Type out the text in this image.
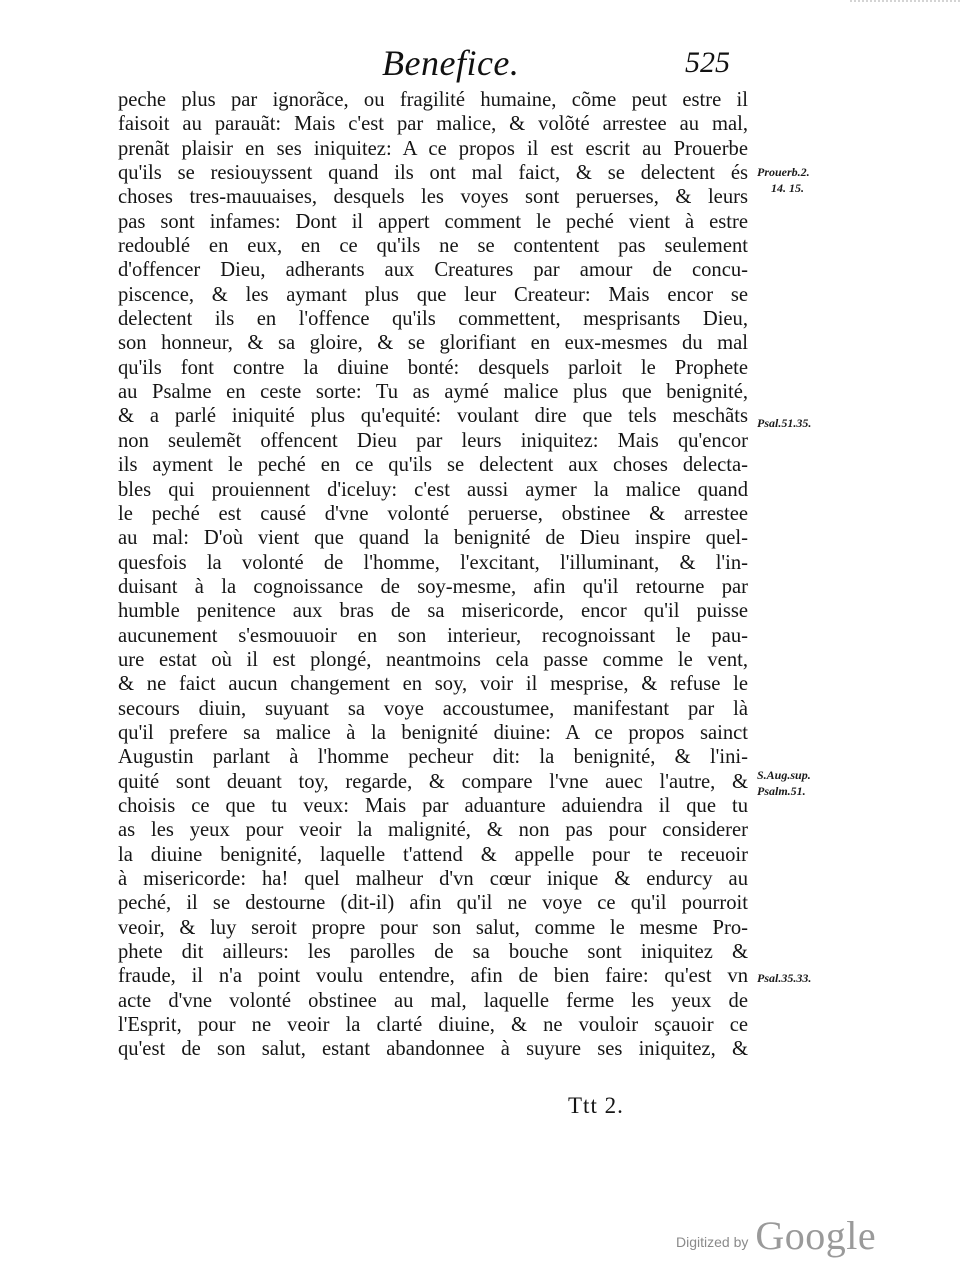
Benefice.	525
peche plus par ignorãce, ou fragilité humaine, cõme peut estre il
faisoit au parauãt: Mais c'est par malice, & volõté arrestee au mal,
prenãt plaisir en ses iniquitez: A ce propos il est escrit au Prouerbe
qu'ils se resiouyssent quand ils ont mal faict, & se delectent és
choses tres-mauuaises, desquels les voyes sont peruerses, & leurs
pas sont infames: Dont il appert comment le peché vient à estre
redoublé en eux, en ce qu'ils ne se contentent pas seulement
d'offencer Dieu, adherants aux Creatures par amour de concu-
piscence, & les aymant plus que leur Createur: Mais encor se
delectent ils en l'offence qu'ils commettent, mesprisants Dieu,
son honneur, & sa gloire, & se glorifiant en eux-mesmes du mal
qu'ils font contre la diuine bonté: desquels parloit le Prophete
au Psalme en ceste sorte: Tu as aymé malice plus que benignité,
& a parlé iniquité plus qu'equité: voulant dire que tels meschãts
non seulemẽt offencent Dieu par leurs iniquitez: Mais qu'encor
ils ayment le peché en ce qu'ils se delectent aux choses delecta-
bles qui prouiennent d'iceluy: c'est aussi aymer la malice quand
le peché est causé d'vne volonté peruerse, obstinee & arrestee
au mal: D'où vient que quand la benignité de Dieu inspire quel-
quesfois la volonté de l'homme, l'excitant, l'illuminant, & l'in-
duisant à la cognoissance de soy-mesme, afin qu'il retourne par
humble penitence aux bras de sa misericorde, encor qu'il puisse
aucunement s'esmouuoir en son interieur, recognoissant le pau-
ure estat où il est plongé, neantmoins cela passe comme le vent,
& ne faict aucun changement en soy, voir il mesprise, & refuse le
secours diuin, suyuant sa voye accoustumee, manifestant par là
qu'il prefere sa malice à la benignité diuine: A ce propos sainct
Augustin parlant à l'homme pecheur dit: la benignité, & l'ini-
quité sont deuant toy, regarde, & compare l'vne auec l'autre, &
choisis ce que tu veux: Mais par aduanture aduiendra il que tu
as les yeux pour veoir la malignité, & non pas pour considerer
la diuine benignité, laquelle t'attend & appelle pour te receuoir
à misericorde: ha! quel malheur d'vn cœur inique & endurcy au
peché, il se destourne (dit-il) afin qu'il ne voye ce qu'il pourroit
veoir, & luy seroit propre pour son salut, comme le mesme Pro-
phete dit ailleurs: les parolles de sa bouche sont iniquitez &
fraude, il n'a point voulu entendre, afin de bien faire: qu'est vn
acte d'vne volonté obstinee au mal, laquelle ferme les yeux de
l'Esprit, pour ne veoir la clarté diuine, & ne vouloir sçauoir ce
qu'est de son salut, estant abandonnee à suyure ses iniquitez, &
Prouerb.2.
14. 15.
Psal.51.35.
S.Aug.sup.
Psalm.51.
Psal.35.33.
Ttt 2.
Digitized by Google
